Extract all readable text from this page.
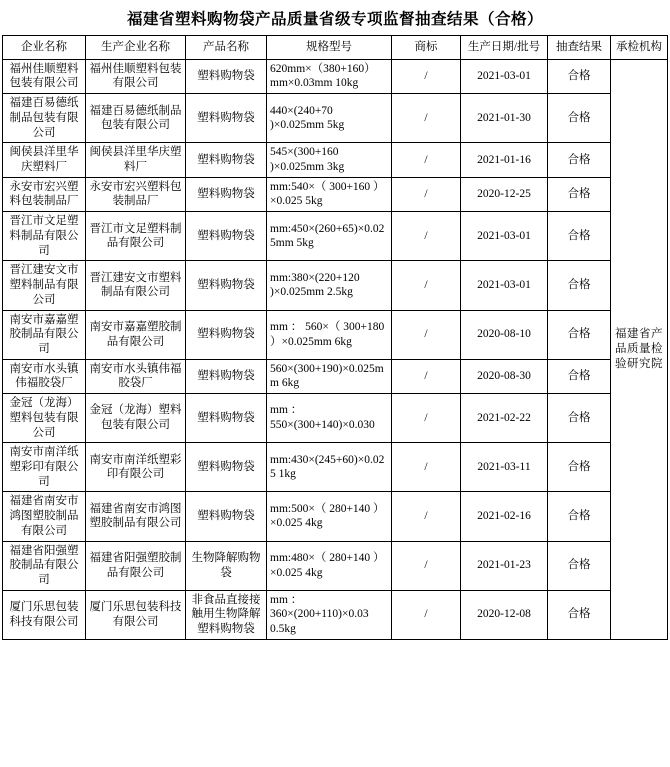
福建省塑料购物袋产品质量省级专项监督抽查结果（合格）
企业名称	生产企业名称	产品名称	规格型号	商标	生产日期/批号	抽查结果	承检机构
福州佳顺塑料包装有限公司	福州佳顺塑料包装有限公司	塑料购物袋	620mm×（380+160）mm×0.03mm 10kg	/	2021-03-01	合格	福建省产品质量检验研究院
福建百易德纸制品包装有限公司	福建百易德纸制品包装有限公司	塑料购物袋	440×(240+70 )×0.025mm 5kg	/	2021-01-30	合格	
闽侯县洋里华庆塑料厂	闽侯县洋里华庆塑料厂	塑料购物袋	545×(300+160 )×0.025mm 3kg	/	2021-01-16	合格	
永安市宏兴塑料包装制品厂	永安市宏兴塑料包装制品厂	塑料购物袋	mm:540×（ 300+160 ）×0.025 5kg	/	2020-12-25	合格	
晋江市文足塑料制品有限公司	晋江市文足塑料制品有限公司	塑料购物袋	mm:450×(260+65)×0.025mm 5kg	/	2021-03-01	合格	
晋江建安文市塑料制品有限公司	晋江建安文市塑料制品有限公司	塑料购物袋	mm:380×(220+120 )×0.025mm 2.5kg	/	2021-03-01	合格	
南安市嘉嘉塑胶制品有限公司	南安市嘉嘉塑胶制品有限公司	塑料购物袋	mm ： 560×（ 300+180 ）×0.025mm 6kg	/	2020-08-10	合格	
南安市水头镇伟福胶袋厂	南安市水头镇伟福胶袋厂	塑料购物袋	560×(300+190)×0.025mm 6kg	/	2020-08-30	合格	
金冠（龙海）塑料包装有限公司	金冠（龙海）塑料包装有限公司	塑料购物袋	mm ：550×(300+140)×0.030	/	2021-02-22	合格	
南安市南洋纸塑彩印有限公司	南安市南洋纸塑彩印有限公司	塑料购物袋	mm:430×(245+60)×0.025 1kg	/	2021-03-11	合格	
福建省南安市鸿图塑胶制品有限公司	福建省南安市鸿图塑胶制品有限公司	塑料购物袋	mm:500×（ 280+140 ）×0.025 4kg	/	2021-02-16	合格	
福建省阳强塑胶制品有限公司	福建省阳强塑胶制品有限公司	生物降解购物袋	mm:480×（ 280+140 ）×0.025 4kg	/	2021-01-23	合格	
厦门乐思包装科技有限公司	厦门乐思包装科技有限公司	非食品直接接触用生物降解塑料购物袋	mm ： 360×(200+110)×0.03 0.5kg	/	2020-12-08	合格	
